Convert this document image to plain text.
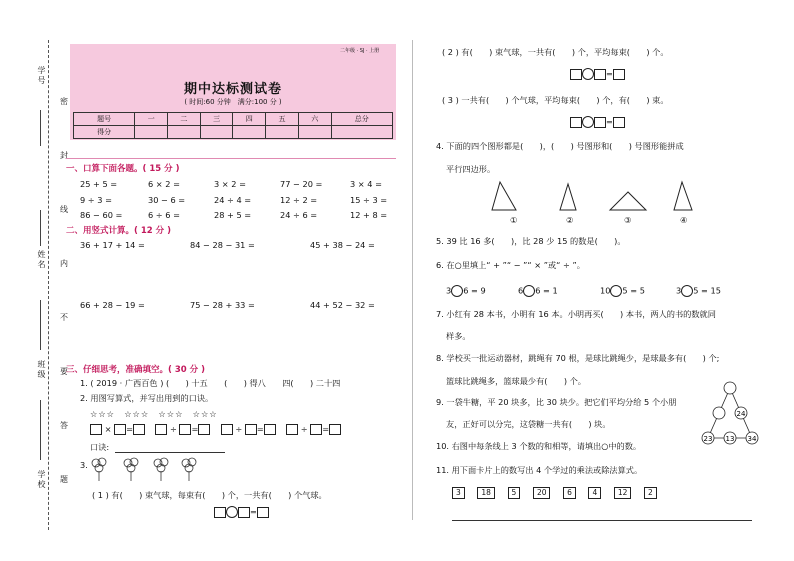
学号
姓名
班级
学校
密
封
线
内
不
要
答
题
二年级 · SJ · 上册
期中达标测试卷
( 时间:60 分钟　满分:100 分 )
题号	一	二	三	四	五	六	总分
得分							
一、口算下面各题。( 15 分 )
25 + 5 =	6 × 2 =	3 × 2 =	77 − 20 =	3 × 4 =
9 ÷ 3 =	30 − 6 =	24 ÷ 4 =	12 ÷ 2 =	15 ÷ 3 =
86 − 60 =	6 ÷ 6 =	28 + 5 =	24 ÷ 6 =	12 + 8 =
二、用竖式计算。( 12 分 )
36 + 17 + 14 =	84 − 28 − 31 =	45 + 38 − 24 =
66 + 28 − 19 =	75 − 28 + 33 =	44 + 52 − 32 =
三、仔细思考，准确填空。( 30 分 )
1. ( 2019 · 广西百色 ) (　　) 十五　　(　　) 得八　　四(　　) 二十四
2. 用图写算式，并写出用到的口诀。
☆☆☆　☆☆☆　☆☆☆　☆☆☆
× =	÷ =	÷ =	÷ =
口诀:
3.
( 1 ) 有(　　) 束气球，每束有(　　) 个，一共有(　　) 个气球。
=
( 2 ) 有(　　) 束气球，一共有(　　) 个，平均每束(　　) 个。
=
( 3 ) 一共有(　　) 个气球，平均每束(　　) 个，有(　　) 束。
=
4. 下面的四个图形都是(　　)，(　　) 号图形和(　　) 号图形能拼成
平行四边形。
①	②	③	④
5. 39 比 16 多(　　)，比 28 少 15 的数是(　　)。
6. 在○里填上“ + ”“ − ”“ × ”或“ ÷ ”。
3 6 = 9	6 6 = 1	10 5 = 5	3 5 = 15
7. 小红有 28 本书，小明有 16 本。小明再买(　　) 本书，两人的书的数就同
样多。
8. 学校买一批运动器材，跳绳有 70 根，是球比跳绳少，是球最多有(　　) 个;
篮球比跳绳多，篮球最少有(　　) 个。
9. 一袋牛糖，平 20 块多，比 30 块少。把它们平均分给 5 个小朋
友，正好可以分完，这袋糖一共有(　　) 块。
10. 右图中每条线上 3 个数的和相等，请填出○中的数。
24
23 13 34
11. 用下面卡片上的数写出 4 个学过的乘法或除法算式。
3	18	5	20	6	4	12	2
